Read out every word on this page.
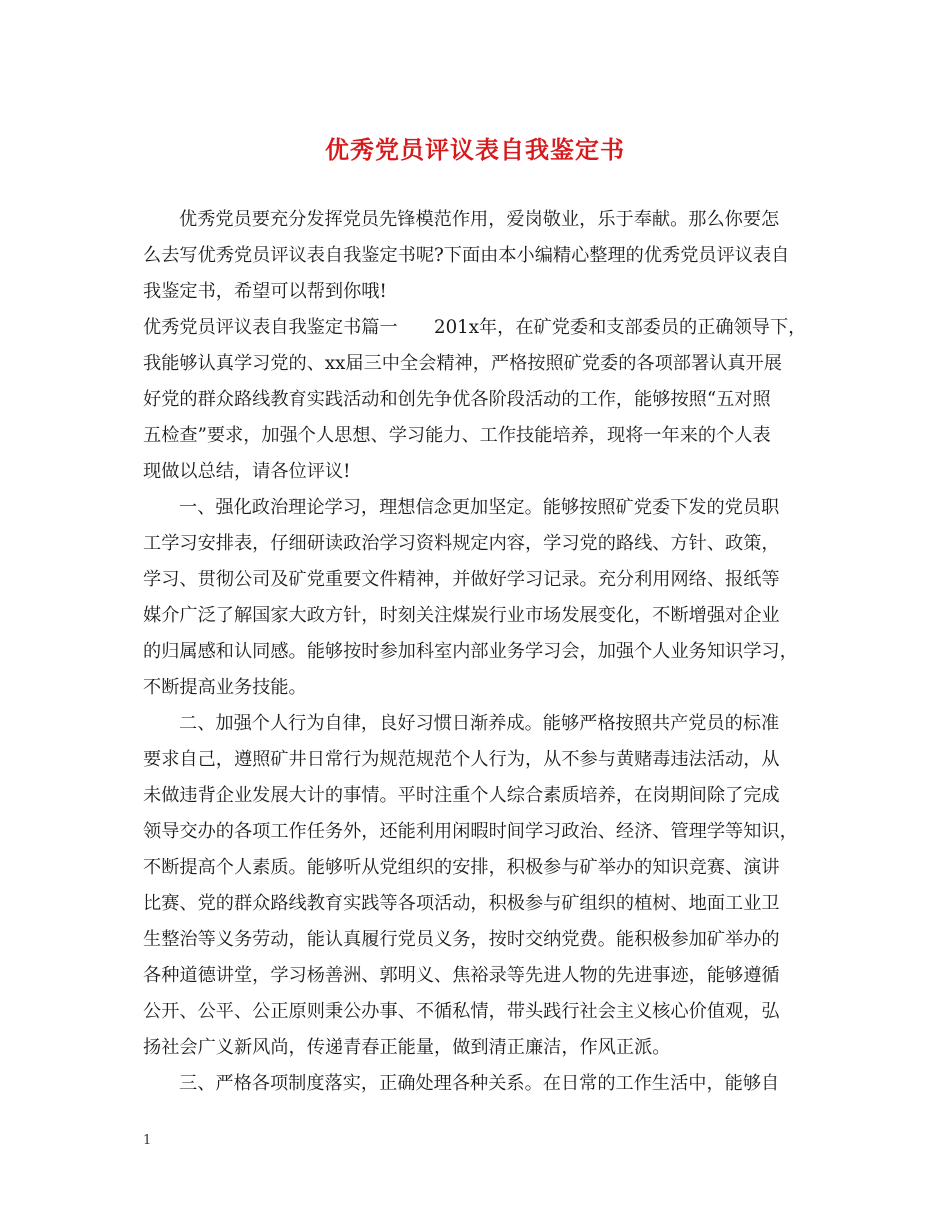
优秀党员评议表自我鉴定书
优秀党员要充分发挥党员先锋模范作用，爱岗敬业，乐于奉献。那么你要怎
么去写优秀党员评议表自我鉴定书呢?下面由本小编精心整理的优秀党员评议表自
我鉴定书，希望可以帮到你哦!
优秀党员评议表自我鉴定书篇一　　201x年，在矿党委和支部委员的正确领导下，
我能够认真学习党的、xx届三中全会精神，严格按照矿党委的各项部署认真开展
好党的群众路线教育实践活动和创先争优各阶段活动的工作，能够按照“五对照
五检查”要求，加强个人思想、学习能力、工作技能培养，现将一年来的个人表
现做以总结，请各位评议!
一、强化政治理论学习，理想信念更加坚定。能够按照矿党委下发的党员职
工学习安排表，仔细研读政治学习资料规定内容，学习党的路线、方针、政策，
学习、贯彻公司及矿党重要文件精神，并做好学习记录。充分利用网络、报纸等
媒介广泛了解国家大政方针，时刻关注煤炭行业市场发展变化，不断增强对企业
的归属感和认同感。能够按时参加科室内部业务学习会，加强个人业务知识学习，
不断提高业务技能。
二、加强个人行为自律，良好习惯日渐养成。能够严格按照共产党员的标准
要求自己，遵照矿井日常行为规范规范个人行为，从不参与黄赌毒违法活动，从
未做违背企业发展大计的事情。平时注重个人综合素质培养，在岗期间除了完成
领导交办的各项工作任务外，还能利用闲暇时间学习政治、经济、管理学等知识，
不断提高个人素质。能够听从党组织的安排，积极参与矿举办的知识竞赛、演讲
比赛、党的群众路线教育实践等各项活动，积极参与矿组织的植树、地面工业卫
生整治等义务劳动，能认真履行党员义务，按时交纳党费。能积极参加矿举办的
各种道德讲堂，学习杨善洲、郭明义、焦裕录等先进人物的先进事迹，能够遵循
公开、公平、公正原则秉公办事、不循私情，带头践行社会主义核心价值观，弘
扬社会广义新风尚，传递青春正能量，做到清正廉洁，作风正派。
三、严格各项制度落实，正确处理各种关系。在日常的工作生活中，能够自
1
